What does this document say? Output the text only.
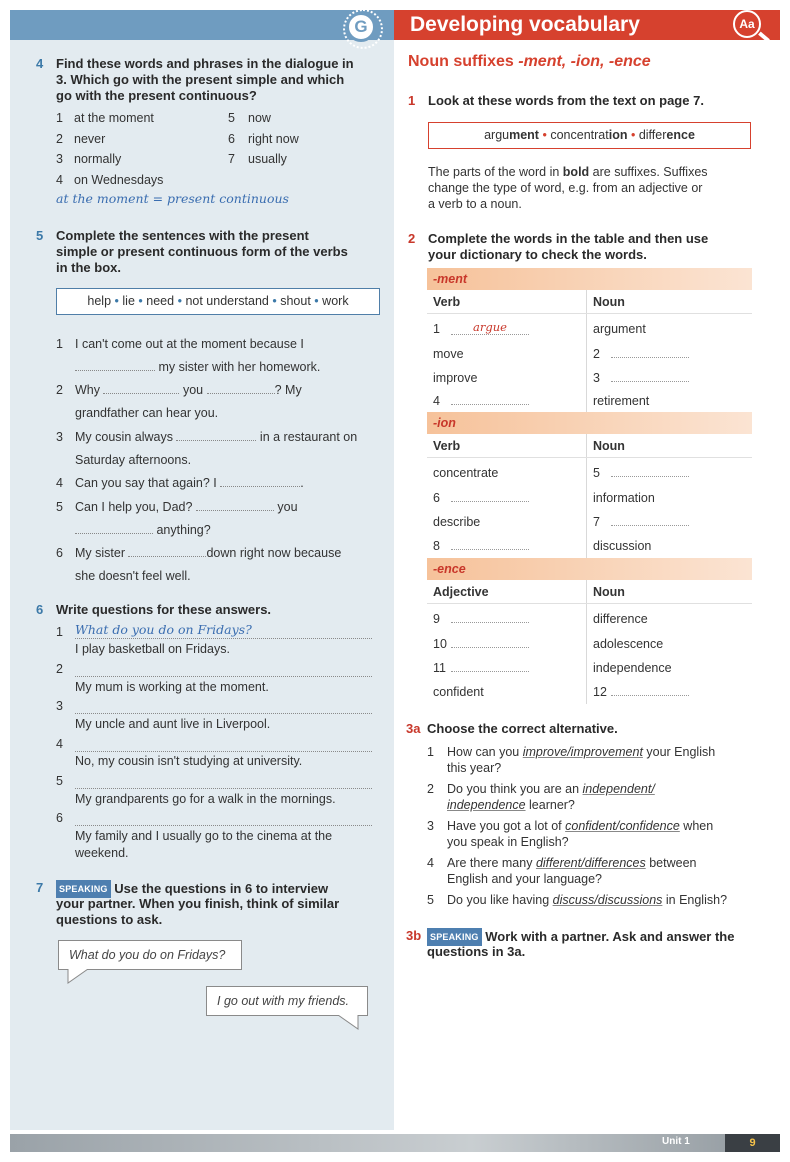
G	Developing vocabulary	Aa
4 Find these words and phrases in the dialogue in
3. Which go with the present simple and which
go with the present continuous?
1 at the moment
2 never
3 normally
4 on Wednesdays
5 now
6 right now
7 usually
at the moment = present continuous
5 Complete the sentences with the present
simple or present continuous form of the verbs
in the box.
help • lie • need • not understand • shout • work
1 I can't come out at the moment because I
my sister with her homework.
2 Why	you	? My
grandfather can hear you.
3 My cousin always	in a restaurant on
Saturday afternoons.
4 Can you say that again? I	.
5 Can I help you, Dad?	you
anything?
6 My sister	down right now because
she doesn't feel well.
6 Write questions for these answers.
1 What do you do on Fridays?
I play basketball on Fridays.
2
My mum is working at the moment.
3
My uncle and aunt live in Liverpool.
4
No, my cousin isn't studying at university.
5
My grandparents go for a walk in the mornings.
6
My family and I usually go to the cinema at the
weekend.
7	SPEAKING Use the questions in 6 to interview
your partner. When you finish, think of similar
questions to ask.
What do you do on Fridays?
I go out with my friends.
Noun suffixes -ment, -ion, -ence
1 Look at these words from the text on page 7.
argument • concentration • difference
The parts of the word in bold are suffixes. Suffixes
change the type of word, e.g. from an adjective or
a verb to a noun.
2 Complete the words in the table and then use
your dictionary to check the words.
-ment
Verb	Noun
1	argue	argument
move	2
improve	3
4	retirement
-ion
Verb	Noun
concentrate	5
6	information
describe	7
8	discussion
-ence
Adjective	Noun
9	difference
10	adolescence
11	independence
confident	12
3a Choose the correct alternative.
1 How can you improve/improvement your English
this year?
2 Do you think you are an independent/
independence learner?
3 Have you got a lot of confident/confidence when
you speak in English?
4 Are there many different/differences between
English and your language?
5 Do you like having discuss/discussions in English?
3b SPEAKING Work with a partner. Ask and answer the
questions in 3a.
Unit 1	9
